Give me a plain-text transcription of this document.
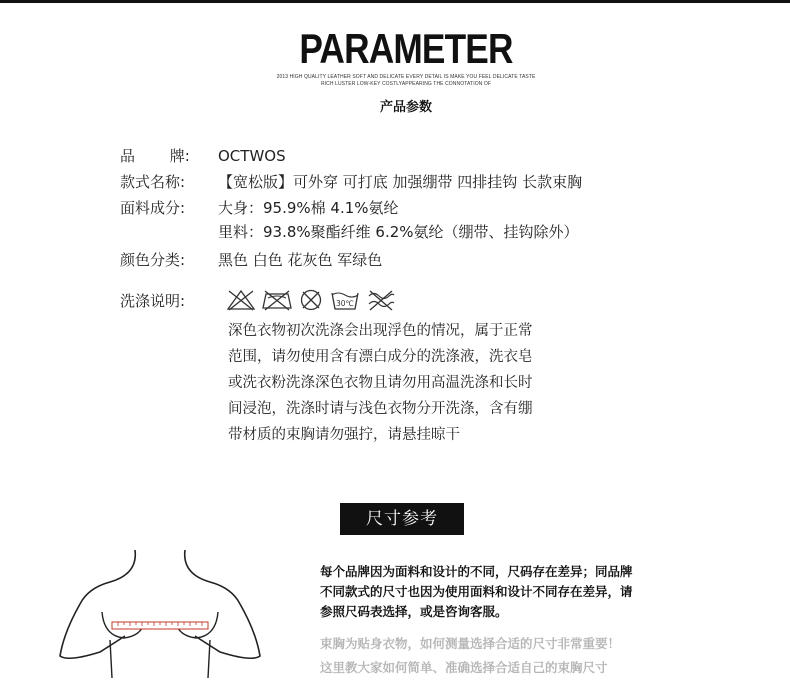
PARAMETER
2013 HIGH QUALITY LEATHER SOFT AND DELICATE EVERY DETAIL IS MAKE YOU FEEL DELICATE TASTE
RICH LUSTER LOW-KEY COSTLYAPPEARING THE CONNOTATION OF
产品参数
品 牌: OCTWOS
款式名称: 【宽松版】可外穿 可打底 加强绷带 四排挂钩 长款束胸
面料成分: 大身：95.9%棉 4.1%氨纶
里料：93.8%聚酯纤维 6.2%氨纶（绷带、挂钩除外）
颜色分类: 黑色 白色 花灰色 军绿色
洗涤说明:	30℃
深色衣物初次洗涤会出现浮色的情况，属于正常
范围，请勿使用含有漂白成分的洗涤液，洗衣皂
或洗衣粉洗涤深色衣物且请勿用高温洗涤和长时
间浸泡，洗涤时请与浅色衣物分开洗涤，含有绷
带材质的束胸请勿强拧，请悬挂晾干
尺寸参考
每个品牌因为面料和设计的不同，尺码存在差异；同品牌
不同款式的尺寸也因为使用面料和设计不同存在差异，请
参照尺码表选择，或是咨询客服。
束胸为贴身衣物，如何测量选择合适的尺寸非常重要！
这里教大家如何简单、准确选择合适自己的束胸尺寸
